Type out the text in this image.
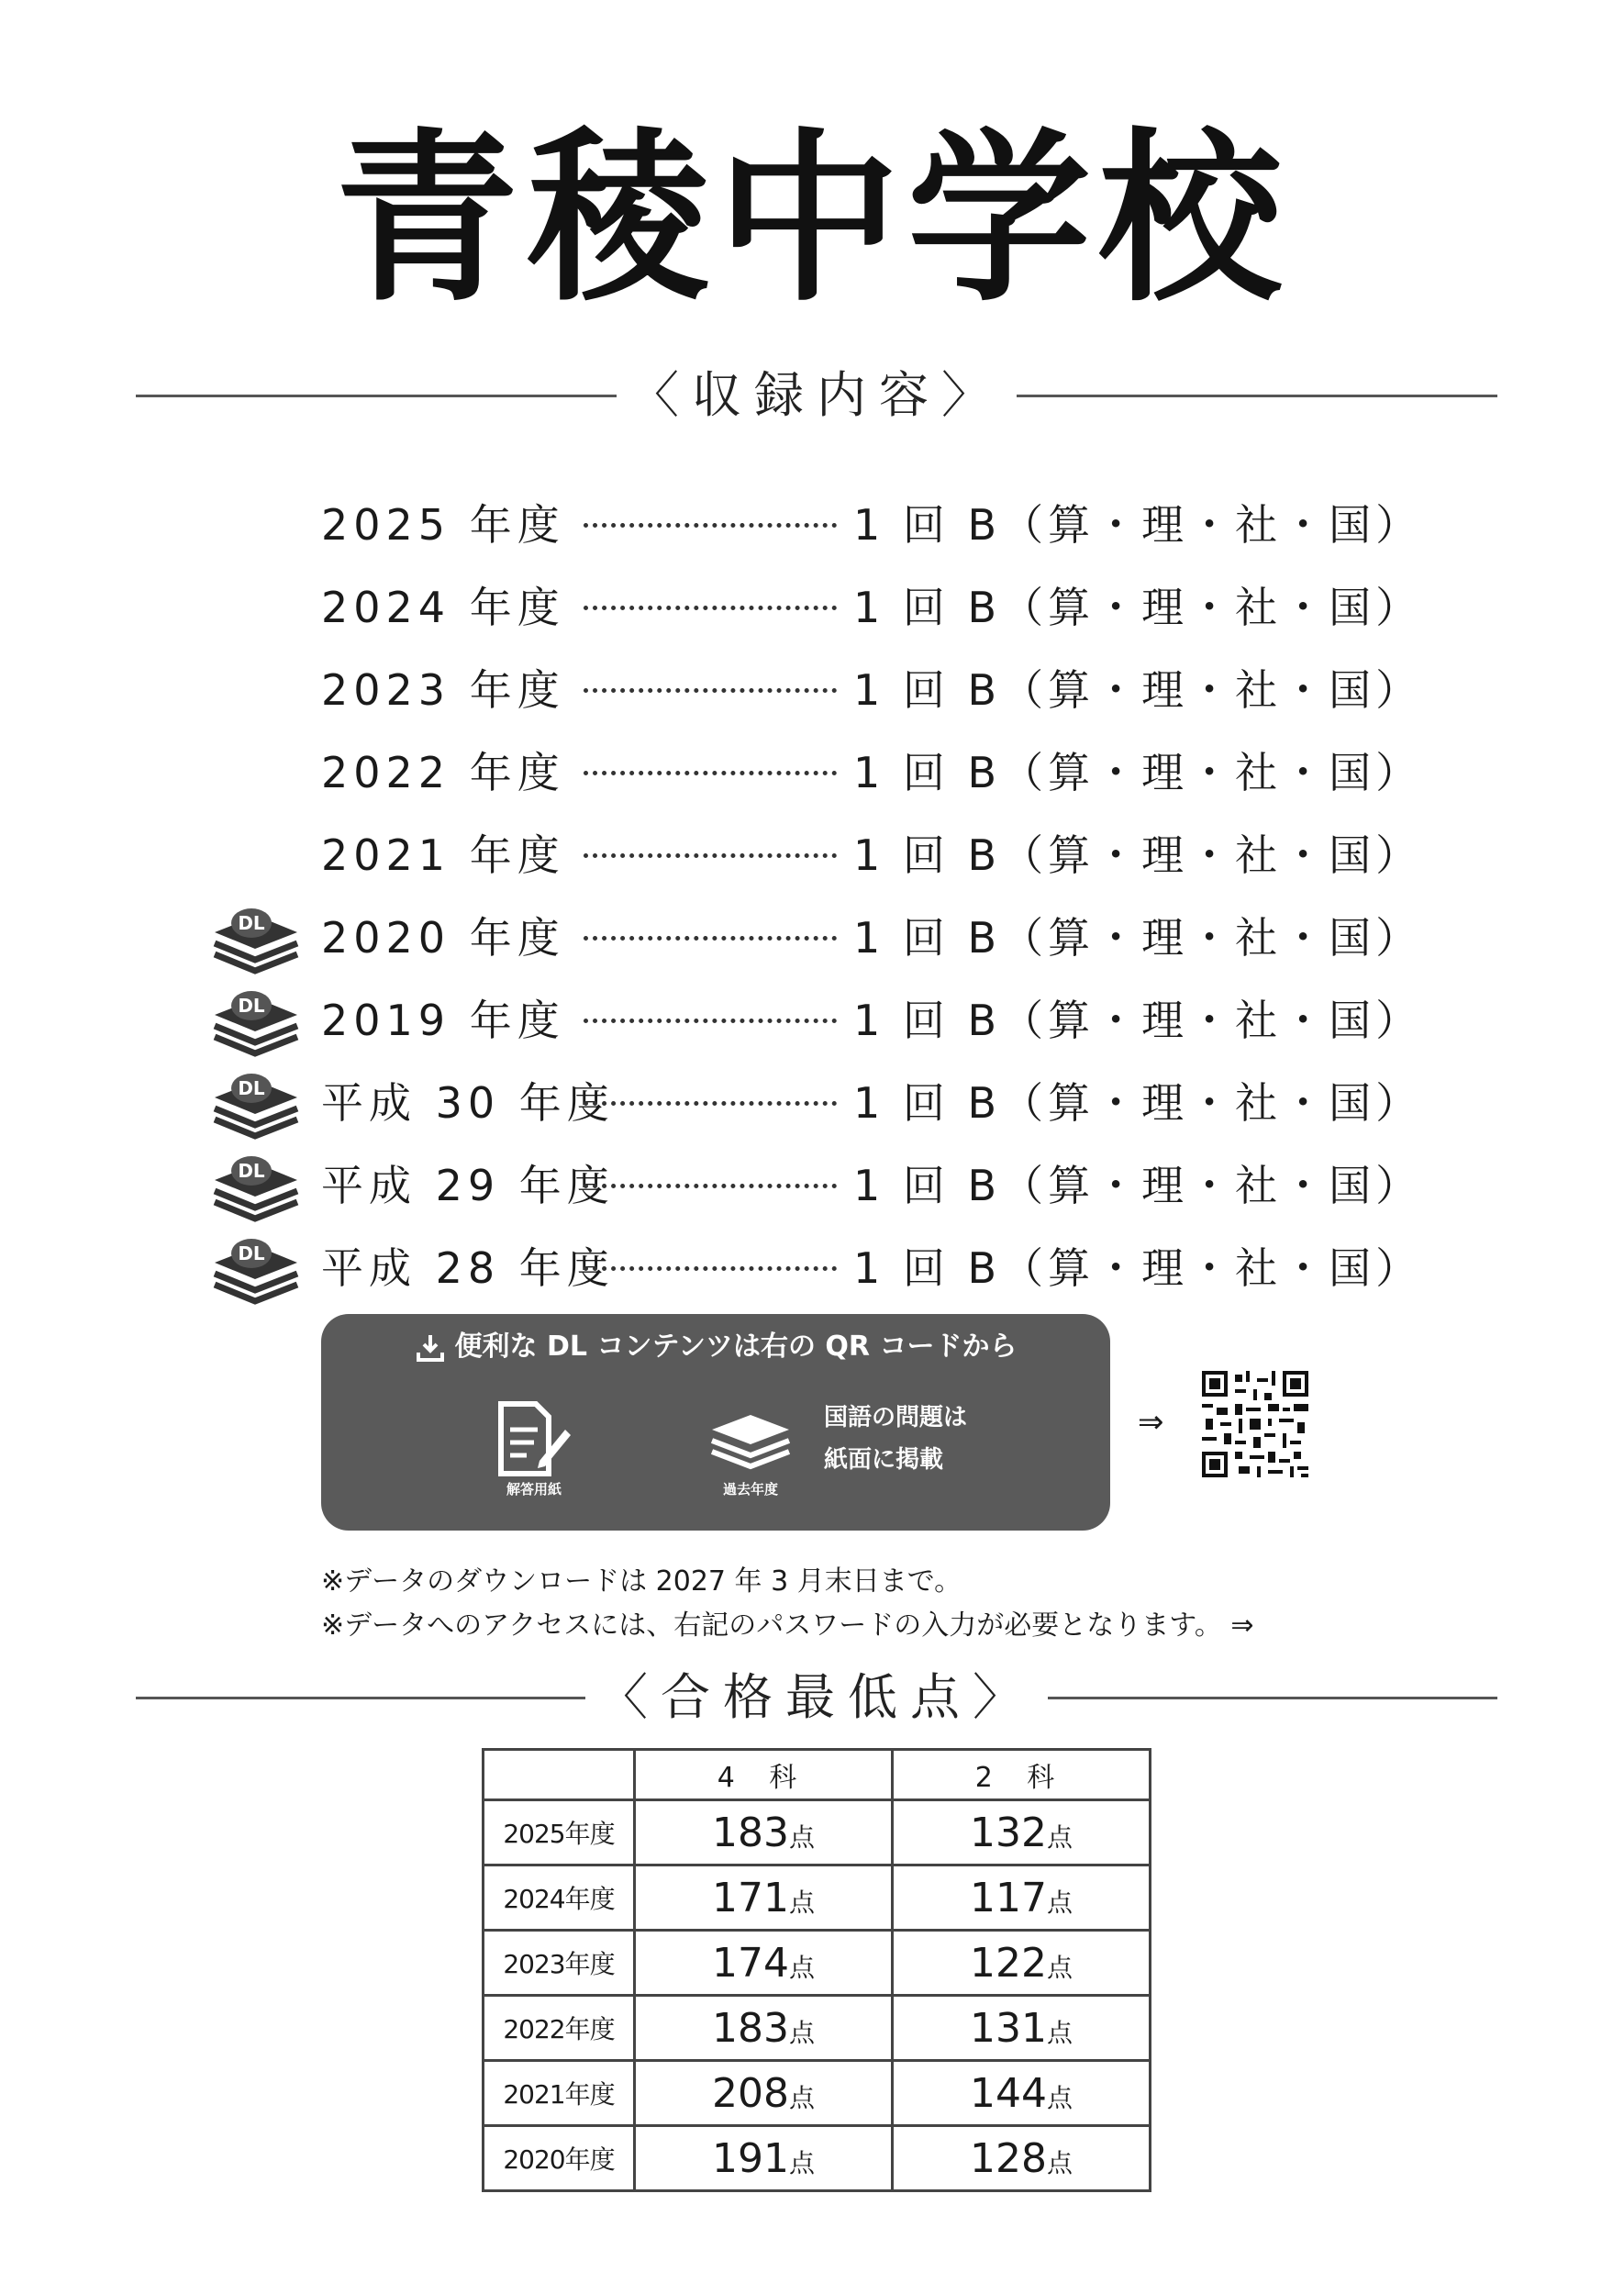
青稜中学校
〈収録内容〉
2025 年度	1 回 B（算・理・社・国）
2024 年度	1 回 B（算・理・社・国）
2023 年度	1 回 B（算・理・社・国）
2022 年度	1 回 B（算・理・社・国）
2021 年度	1 回 B（算・理・社・国）
DL 2020 年度	1 回 B（算・理・社・国）
DL 2019 年度	1 回 B（算・理・社・国）
DL 平成 30 年度	1 回 B（算・理・社・国）
DL 平成 29 年度	1 回 B（算・理・社・国）
DL 平成 28 年度	1 回 B（算・理・社・国）
便利な DL コンテンツは右の QR コードから
解答用紙	過去年度
国語の問題は
紙面に掲載
⇒
※データのダウンロードは 2027 年 3 月末日まで。
※データへのアクセスには、右記のパスワードの入力が必要となります。 ⇒
〈合格最低点〉
	4 科	2 科
2025年度	183点	132点
2024年度	171点	117点
2023年度	174点	122点
2022年度	183点	131点
2021年度	208点	144点
2020年度	191点	128点
